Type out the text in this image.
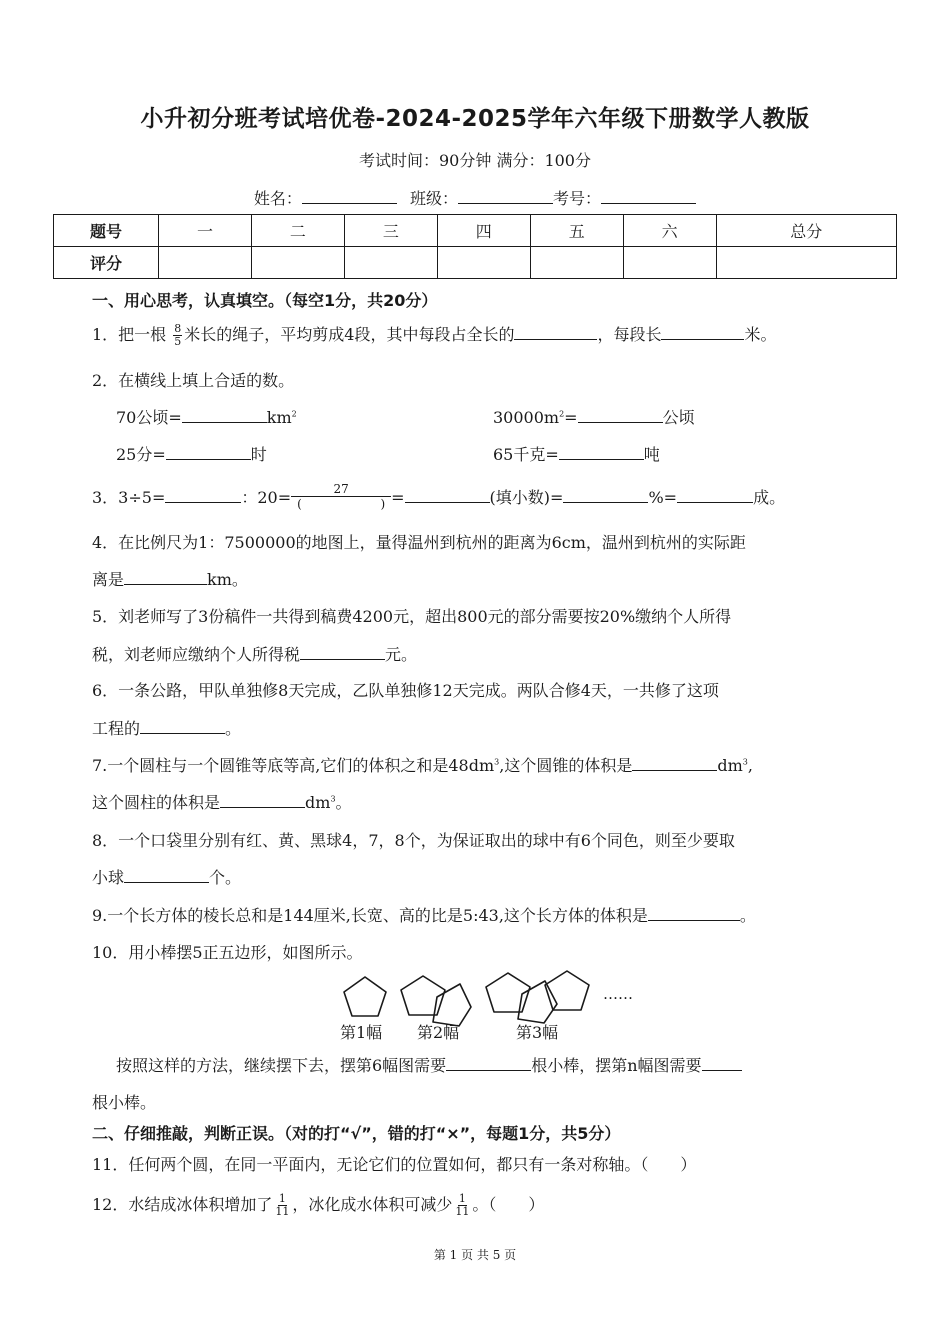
小升初分班考试培优卷-2024-2025学年六年级下册数学人教版
考试时间：90分钟 满分：100分
姓名：	班级：	考号：
题号	一	二	三	四	五	六	总分
评分							
一、用心思考，认真填空。（每空1分，共20分）
1．把一根 $\frac{8}{5}$ 米长的绳子，平均剪成4段，其中每段占全长的	，每段长	米。
2．在横线上填上合适的数。
70公顷=	$km^2$	$30000m^2=$	公顷
25分=	时	65千克=	吨
3．3÷5=	：20= 27
(	) =	(填小数)=	%=	成。
4．在比例尺为1：7500000的地图上，量得温州到杭州的距离为6cm，温州到杭州的实际距
离是	km。
5．刘老师写了3份稿件一共得到稿费4200元，超出800元的部分需要按20%缴纳个人所得
税，刘老师应缴纳个人所得税	元。
6．一条公路，甲队单独修8天完成，乙队单独修12天完成。两队合修4天，一共修了这项
工程的	。
7.一个圆柱与一个圆锥等底等高,它们的体积之和是$48dm^3$,这个圆锥的体积是	$dm^3$,
这个圆柱的体积是	$dm^3$。
8．一个口袋里分别有红、黄、黑球4，7，8个，为保证取出的球中有6个同色，则至少要取
小球	个。
9.一个长方体的棱长总和是144厘米,长宽、高的比是5:43,这个长方体的体积是	。
10．用小棒摆5正五边形，如图所示。
……
第1幅 第2幅	第3幅
按照这样的方法，继续摆下去，摆第6幅图需要	根小棒，摆第n幅图需要
根小棒。
二、仔细推敲，判断正误。（对的打“√”，错的打“×”，每题1分，共5分）
11．任何两个圆，在同一平面内，无论它们的位置如何，都只有一条对称轴。（　　）
12．水结成冰体积增加了 $\frac{1}{11}$ ，冰化成水体积可减少 $\frac{1}{11}$ 。（　　）
第 1 页 共 5 页
